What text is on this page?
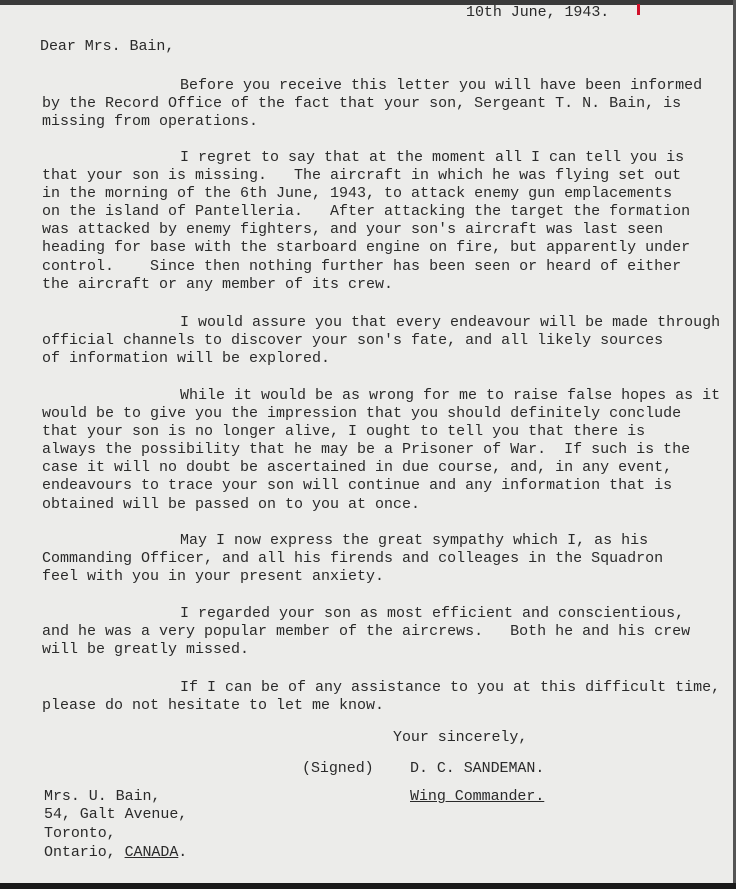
10th June, 1943.
Dear Mrs. Bain,
Before you receive this letter you will have been informed
by the Record Office of the fact that your son, Sergeant T. N. Bain, is
missing from operations.
I regret to say that at the moment all I can tell you is
that your son is missing.   The aircraft in which he was flying set out
in the morning of the 6th June, 1943, to attack enemy gun emplacements
on the island of Pantelleria.   After attacking the target the formation
was attacked by enemy fighters, and your son's aircraft was last seen
heading for base with the starboard engine on fire, but apparently under
control.    Since then nothing further has been seen or heard of either
the aircraft or any member of its crew.
I would assure you that every endeavour will be made through
official channels to discover your son's fate, and all likely sources
of information will be explored.
While it would be as wrong for me to raise false hopes as it
would be to give you the impression that you should definitely conclude
that your son is no longer alive, I ought to tell you that there is
always the possibility that he may be a Prisoner of War.  If such is the
case it will no doubt be ascertained in due course, and, in any event,
endeavours to trace your son will continue and any information that is
obtained will be passed on to you at once.
May I now express the great sympathy which I, as his
Commanding Officer, and all his firends and colleages in the Squadron
feel with you in your present anxiety.
I regarded your son as most efficient and conscientious,
and he was a very popular member of the aircrews.   Both he and his crew
will be greatly missed.
If I can be of any assistance to you at this difficult time,
please do not hesitate to let me know.
Your sincerely,
(Signed) D. C. SANDEMAN.
Wing Commander.
Mrs. U. Bain,
54, Galt Avenue,
Toronto,
Ontario, CANADA.
